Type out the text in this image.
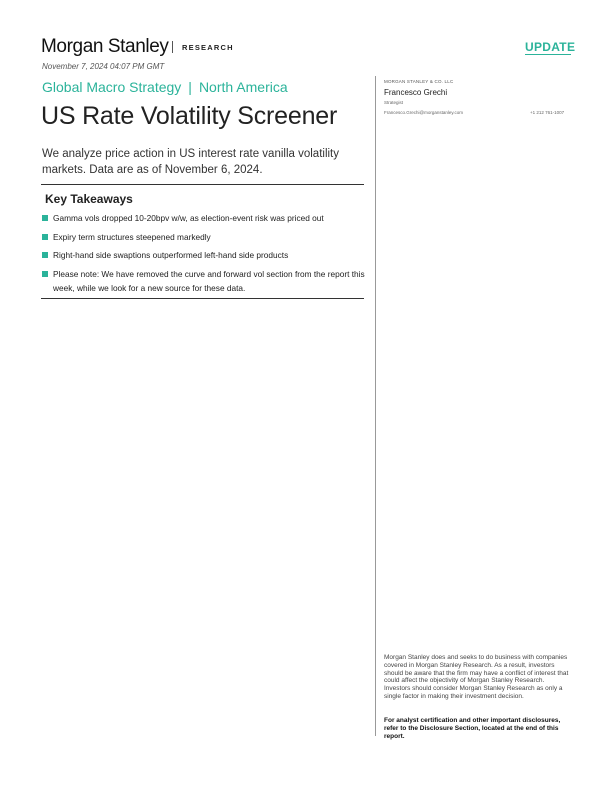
Morgan Stanley RESEARCH	UPDATE
November 7, 2024 04:07 PM GMT
Global Macro Strategy | North America
US Rate Volatility Screener
We analyze price action in US interest rate vanilla volatility markets. Data are as of November 6, 2024.
Key Takeaways
Gamma vols dropped 10-20bpv w/w, as election-event risk was priced out
Expiry term structures steepened markedly
Right-hand side swaptions outperformed left-hand side products
Please note: We have removed the curve and forward vol section from the report this week, while we look for a new source for these data.
MORGAN STANLEY & CO. LLC
Francesco Grechi
Strategist
Francesco.Grechi@morganstanley.com	+1 212 761-1007
Morgan Stanley does and seeks to do business with companies covered in Morgan Stanley Research. As a result, investors should be aware that the firm may have a conflict of interest that could affect the objectivity of Morgan Stanley Research. Investors should consider Morgan Stanley Research as only a single factor in making their investment decision.
For analyst certification and other important disclosures, refer to the Disclosure Section, located at the end of this report.
